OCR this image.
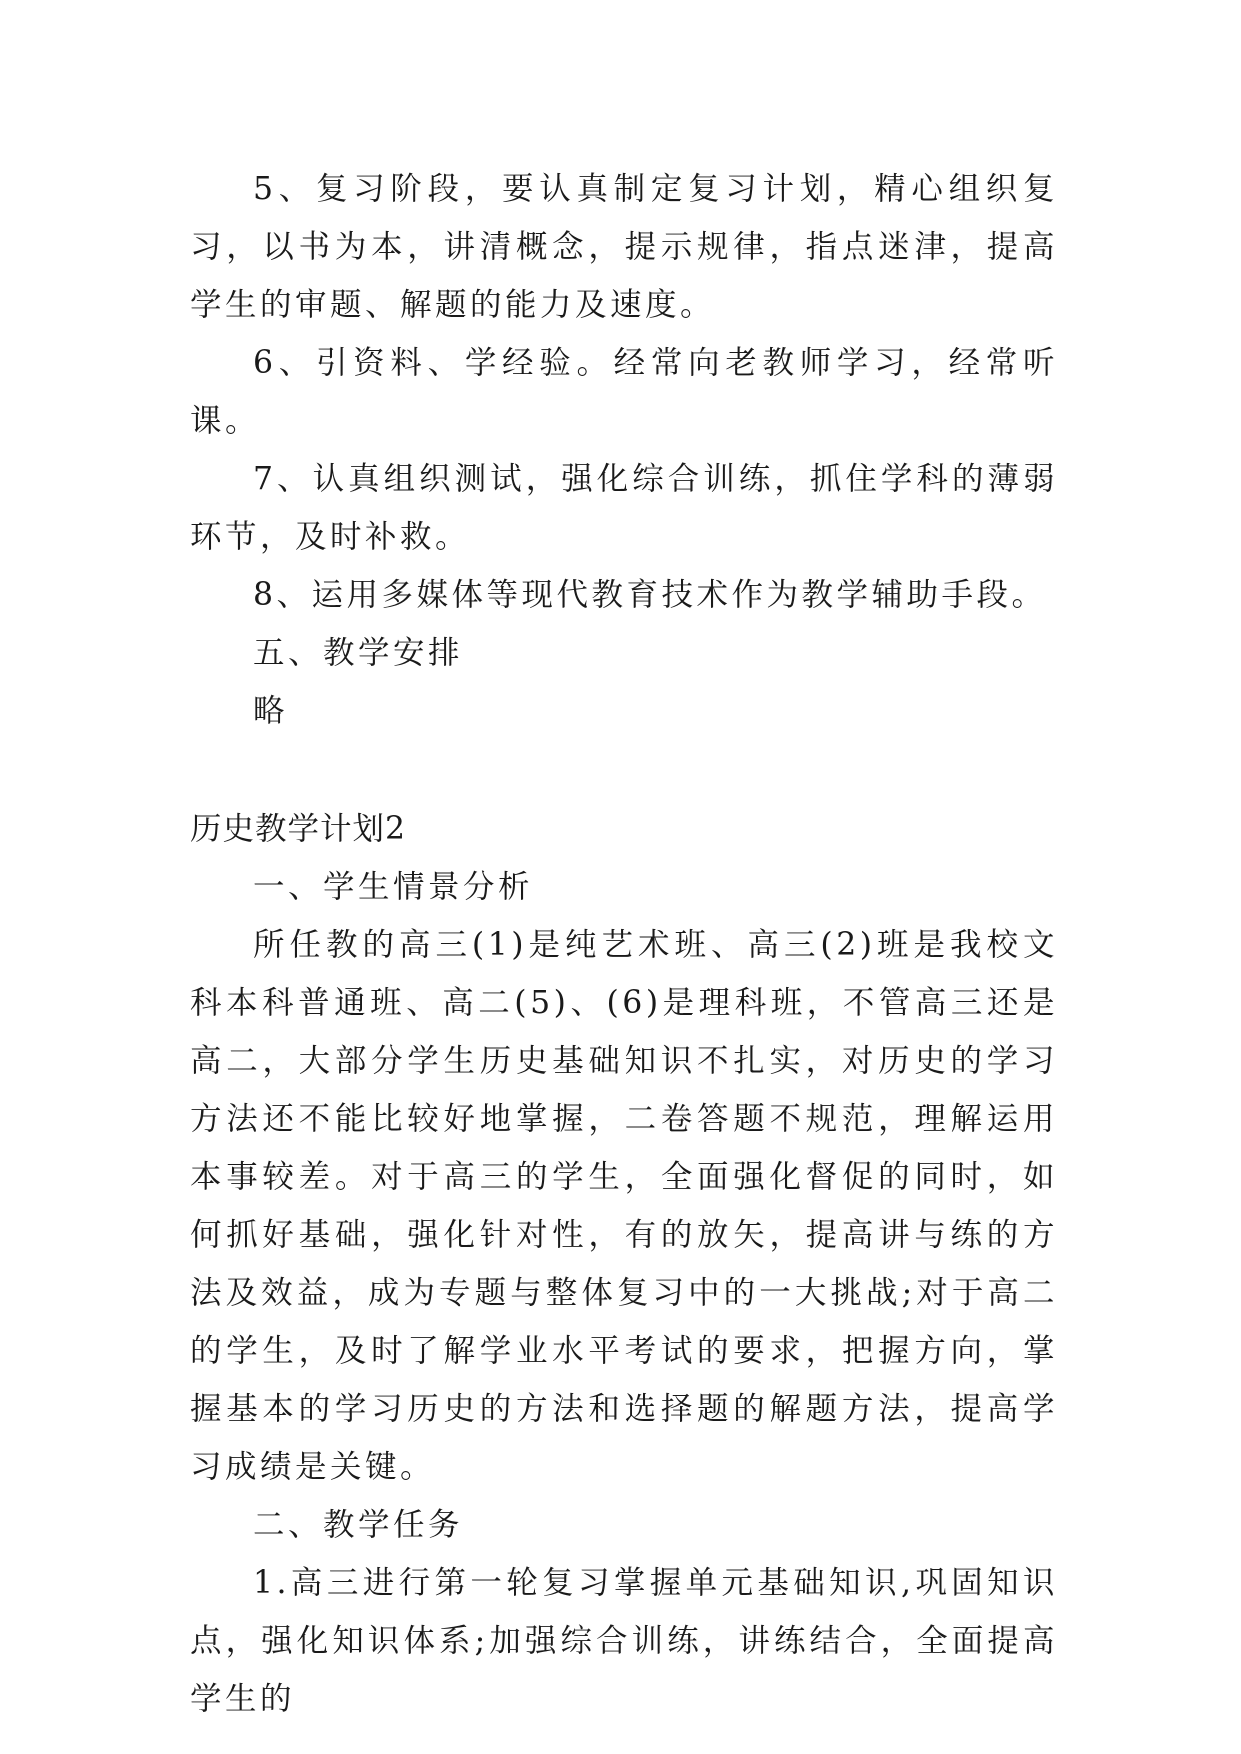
5、复习阶段，要认真制定复习计划，精心组织复习，以书为本，讲清概念，提示规律，指点迷津，提高学生的审题、解题的能力及速度。

6、引资料、学经验。经常向老教师学习，经常听课。

7、认真组织测试，强化综合训练，抓住学科的薄弱环节，及时补救。

8、运用多媒体等现代教育技术作为教学辅助手段。

五、教学安排

略

历史教学计划2

一、学生情景分析

所任教的高三(1)是纯艺术班、高三(2)班是我校文科本科普通班、高二(5)、(6)是理科班，不管高三还是高二，大部分学生历史基础知识不扎实，对历史的学习方法还不能比较好地掌握，二卷答题不规范，理解运用本事较差。对于高三的学生，全面强化督促的同时，如何抓好基础，强化针对性，有的放矢，提高讲与练的方法及效益，成为专题与整体复习中的一大挑战;对于高二的学生，及时了解学业水平考试的要求，把握方向，掌握基本的学习历史的方法和选择题的解题方法，提高学习成绩是关键。

二、教学任务

1.高三进行第一轮复习掌握单元基础知识,巩固知识点，强化知识体系;加强综合训练，讲练结合，全面提高学生的
